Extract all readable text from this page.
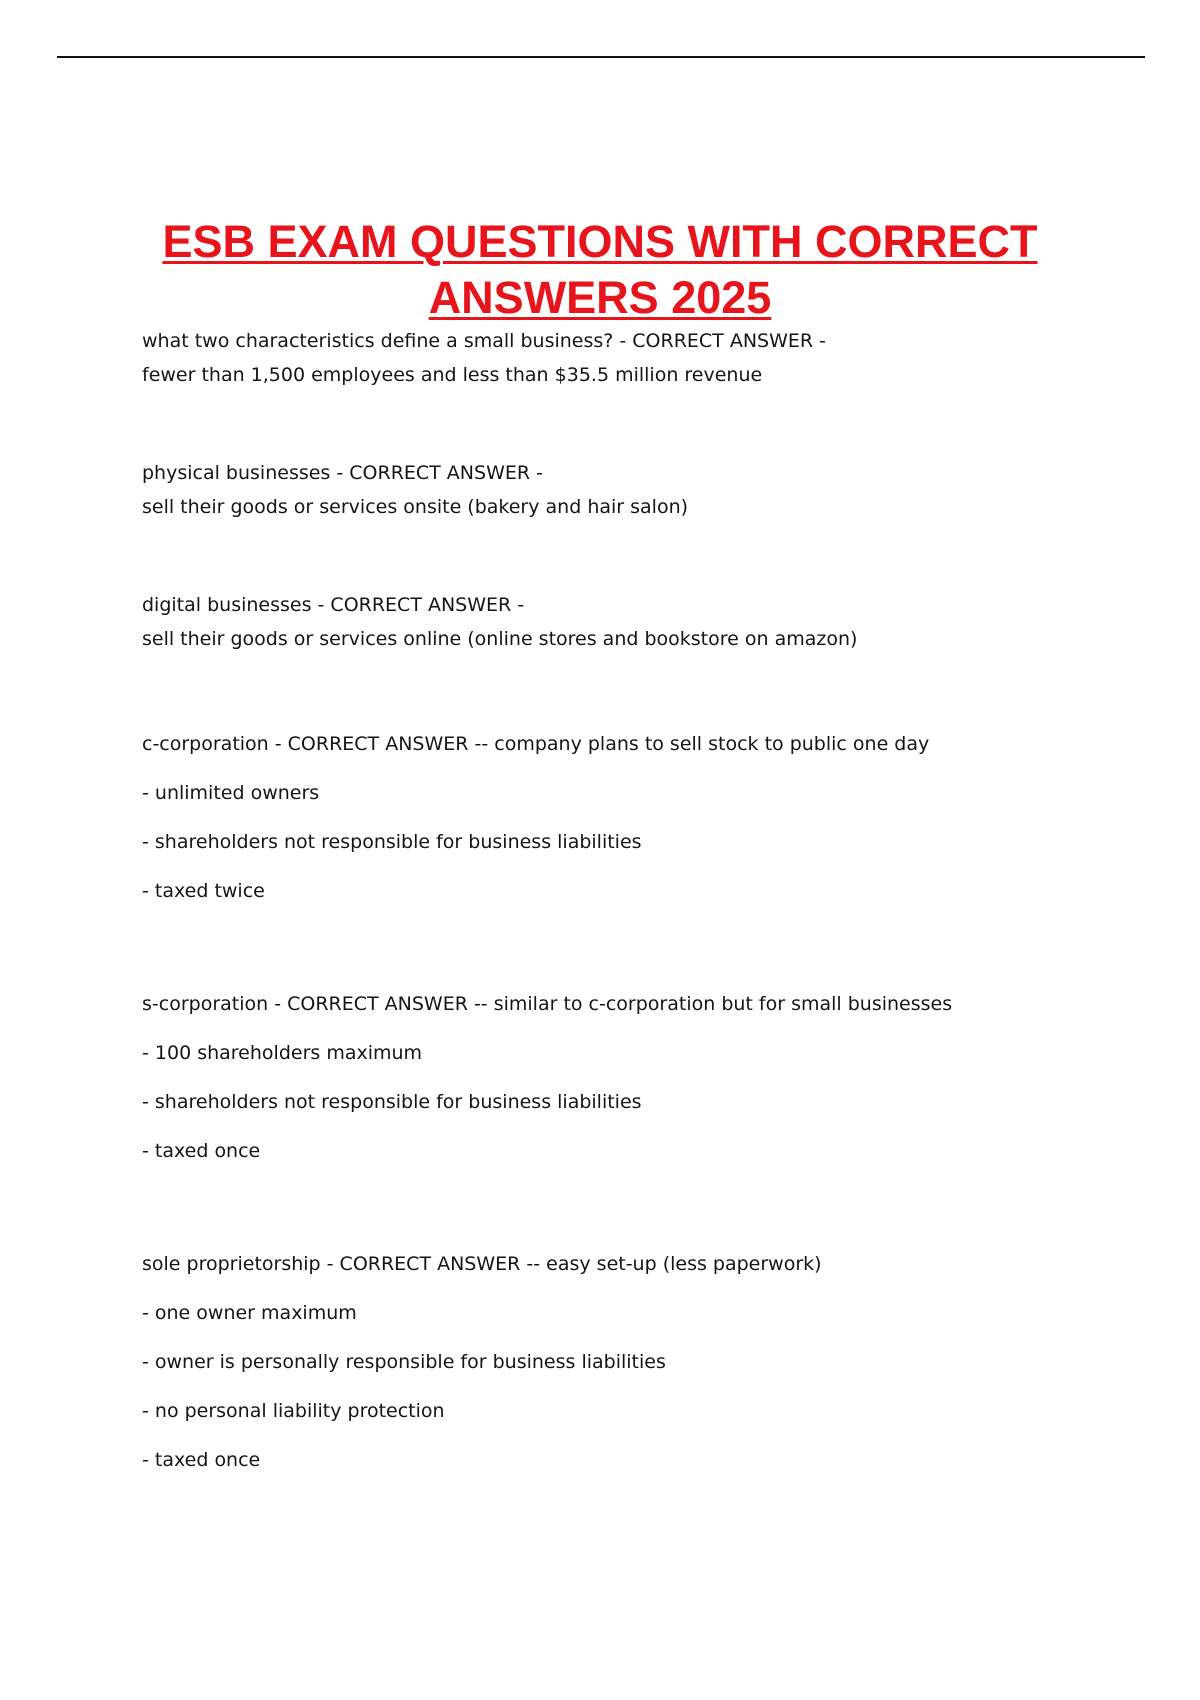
ESB EXAM QUESTIONS WITH CORRECT ANSWERS 2025

what two characteristics define a small business? - CORRECT ANSWER -

fewer than 1,500 employees and less than $35.5 million revenue

physical businesses - CORRECT ANSWER -

sell their goods or services onsite (bakery and hair salon)

digital businesses - CORRECT ANSWER -

sell their goods or services online (online stores and bookstore on amazon)

c-corporation - CORRECT ANSWER -- company plans to sell stock to public one day

- unlimited owners

- shareholders not responsible for business liabilities

- taxed twice

s-corporation - CORRECT ANSWER -- similar to c-corporation but for small businesses

- 100 shareholders maximum

- shareholders not responsible for business liabilities

- taxed once

sole proprietorship - CORRECT ANSWER -- easy set-up (less paperwork)

- one owner maximum

- owner is personally responsible for business liabilities

- no personal liability protection

- taxed once
